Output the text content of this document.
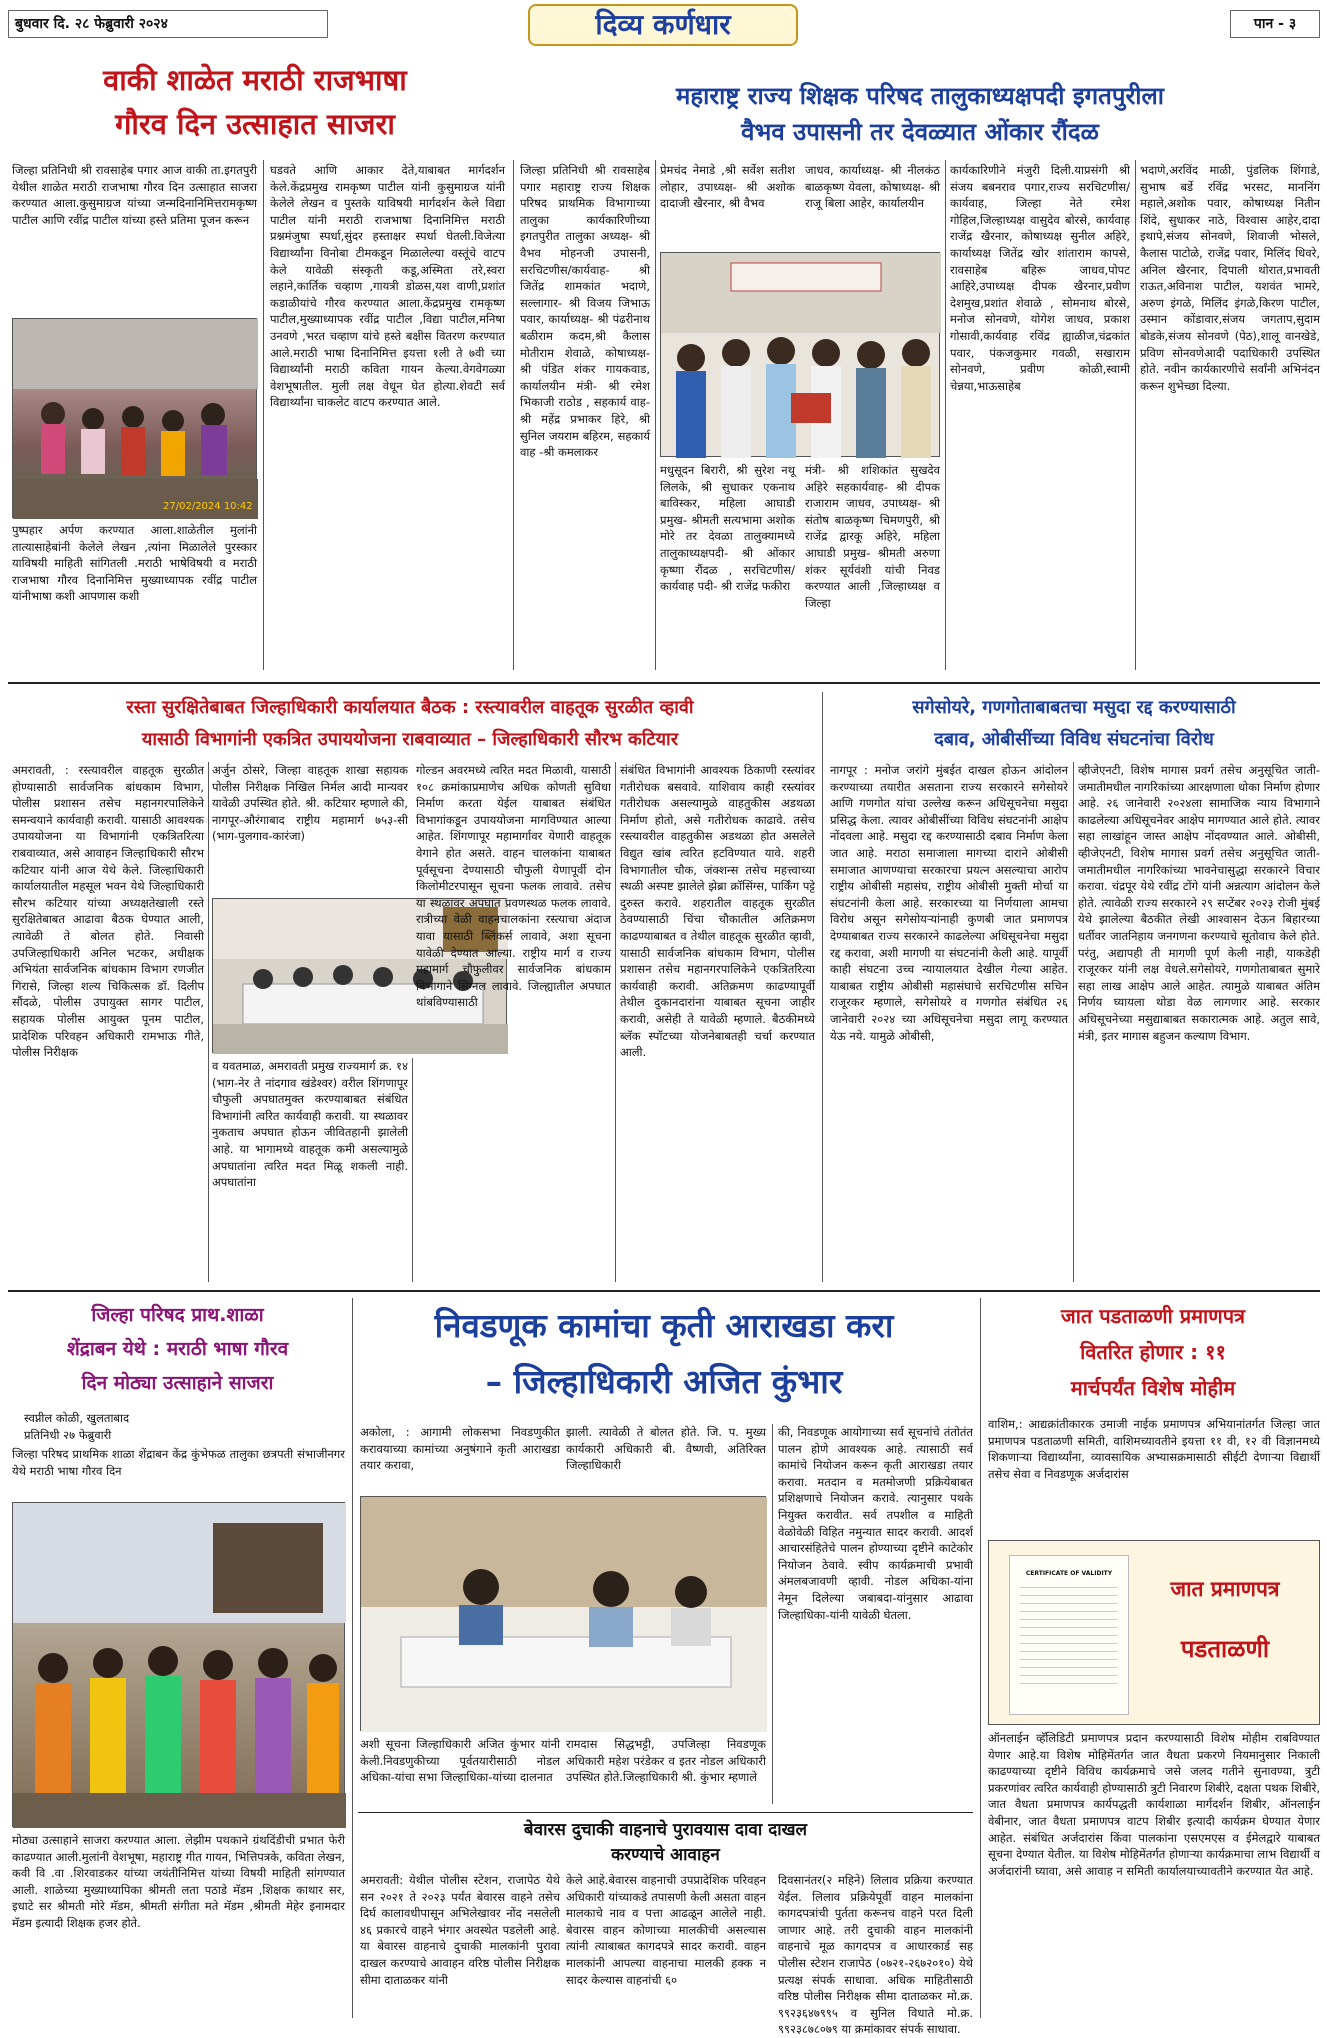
बुधवार दि. २८ फेब्रुवारी २०२४	दिव्य कर्णधार	पान - ३
वाकी शाळेत मराठी राजभाषा
गौरव दिन उत्साहात साजरा
जिल्हा प्रतिनिधी श्री रावसाहेब पगार आज वाकी ता.इगतपुरी येथील शाळेत मराठी राजभाषा गौरव दिन उत्साहात साजरा करण्यात आला.कुसुमाग्रज यांच्या जन्मदिनानिमित्तरामकृष्ण पाटील आणि रवींद्र पाटील यांच्या हस्ते प्रतिमा पूजन करून
27/02/2024 10:42
पुष्पहार अर्पण करण्यात आला.शाळेतील मुलांनी तात्यासाहेबांनी केलेले लेखन ,त्यांना मिळालेले पुरस्कार याविषयी माहिती सांगितली .मराठी भाषेविषयी व मराठी राजभाषा गौरव दिनानिमित्त मुख्याध्यापक रवींद्र पाटील यांनीभाषा कशी आपणास कशी
घडवते आणि आकार देते,याबाबत मार्गदर्शन केले.केंद्रप्रमुख रामकृष्ण पाटील यांनी कुसुमाग्रज यांनी केलेले लेखन व पुस्तके याविषयी मार्गदर्शन केले विद्या पाटील यांनी मराठी राजभाषा दिनानिमित्त मराठी प्रश्नमंजुषा स्पर्धा,सुंदर हस्ताक्षर स्पर्धा घेतली.विजेत्या विद्यार्थ्यांना विनोबा टीमकडून मिळालेल्या वस्तूंचे वाटप केले यावेळी संस्कृती कडू,अस्मिता तरे,स्वरा लहाने,कार्तिक चव्हाण ,गायत्री डोळस,यश वाणी,प्रशांत कडाळीयांचे गौरव करण्यात आला.केंद्रप्रमुख रामकृष्ण पाटील,मुख्याध्यापक रवींद्र पाटील ,विद्या पाटील,मनिषा उनवणे ,भरत चव्हाण यांचे हस्ते बक्षीस वितरण करण्यात आले.मराठी भाषा दिनानिमित्त इयत्ता १ली ते ७वी च्या विद्यार्थ्यांनी मराठी कविता गायन केल्या.वेगवेगळ्या वेशभूषातील. मुली लक्ष वेधून घेत होत्या.शेवटी सर्व विद्यार्थ्यांना चाकलेट वाटप करण्यात आले.
महाराष्ट्र राज्य शिक्षक परिषद तालुकाध्यक्षपदी इगतपुरीला
वैभव उपासनी तर देवळ्यात ओंकार रौंदळ
जिल्हा प्रतिनिधी श्री रावसाहेब पगार महाराष्ट्र राज्य शिक्षक परिषद प्राथमिक विभागाच्या तालुका कार्यकारिणीच्या इगतपुरीत तालुका अध्यक्ष- श्री वैभव मोहनजी उपासनी, सरचिटणीस/कार्यवाह- श्री जितेंद्र शामकांत भदाणे, सल्लागार- श्री विजय जिभाऊ पवार, कार्याध्यक्ष- श्री पंढरीनाथ बळीराम कदम,श्री कैलास मोतीराम शेवाळे, कोषाध्यक्ष- श्री पंडित शंकर गायकवाड, कार्यालयीन मंत्री- श्री रमेश भिकाजी राठोड , सहकार्य वाह- श्री महेंद्र प्रभाकर हिरे, श्री सुनिल जयराम बहिरम, सहकार्य वाह -श्री कमलाकर
प्रेमचंद नेमाडे ,श्री सर्वेश सतीश लोहार, उपाध्यक्ष- श्री अशोक दादाजी खैरनार, श्री वैभव
जाधव, कार्याध्यक्ष- श्री नीलकंठ बाळकृष्ण येवला, कोषाध्यक्ष- श्री राजू बिला आहेर, कार्यालयीन
मधुसूदन बिरारी, श्री सुरेश नथू लिलके, श्री सुधाकर एकनाथ बाविस्कर, महिला आघाडी प्रमुख- श्रीमती सत्यभामा अशोक मोरे तर देवळा तालुक्यामध्ये तालुकाध्यक्षपदी- श्री ओंकार कृष्णा रौंदळ , सरचिटणीस/कार्यवाह पदी- श्री राजेंद्र फकीरा
मंत्री- श्री शशिकांत सुखदेव अहिरे सहकार्यवाह- श्री दीपक राजाराम जाधव, उपाध्यक्ष- श्री संतोष बाळकृष्ण चिमणपुरी, श्री राजेंद्र द्वारकू अहिरे, महिला आघाडी प्रमुख- श्रीमती अरुणा शंकर सूर्यवंशी यांची निवड करण्यात आली ,जिल्हाध्यक्ष व जिल्हा
कार्यकारिणीने मंजुरी दिली.याप्रसंगी श्री संजय बबनराव पगार,राज्य सरचिटणीस/कार्यवाह, जिल्हा नेते रमेश गोहिल,जिल्हाध्यक्ष वासुदेव बोरसे, कार्यवाह राजेंद्र खैरनार, कोषाध्यक्ष सुनील अहिरे, कार्याध्यक्ष जितेंद्र खोर शांताराम कापसे, रावसाहेब बहिरू जाधव,पोपट आहिरे,उपाध्यक्ष दीपक खैरनार,प्रवीण देशमुख,प्रशांत शेवाळे , सोमनाथ बोरसे, मनोज सोनवणे, योगेश जाधव, प्रकाश गोसावी,कार्यवाह रविंद्र ह्याळीज,चंद्रकांत पवार, पंकजकुमार गवळी, सखाराम सोनवणे, प्रवीण कोळी,स्वामी चेन्नया,भाऊसाहेब
भदाणे,अरविंद माळी, पुंडलिक शिंगाडे, सुभाष बर्डे रविंद्र भरसट, माननिंग महाले,अशोक पवार, कोषाध्यक्ष नितीन शिंदे, सुधाकर नाठे, विश्वास आहेर,दादा इथापे,संजय सोनवणे, शिवाजी भोसले, कैलास पाटोळे, राजेंद्र पवार, मिलिंद धिवरे, अनिल खैरनार, दिपाली थोरात,प्रभावती राऊत,अविनाश पाटील, यशवंत भामरे, अरुण इंगळे, मिलिंद इंगळे,किरण पाटील, उस्मान कोंडावार,संजय जगताप,सुदाम बोडके,संजय सोनवणे (पेठ),शालू वानखेडे, प्रविण सोनवणेआदी पदाधिकारी उपस्थित होते. नवीन कार्यकारणीचे सर्वांनी अभिनंदन करून शुभेच्छा दिल्या.
रस्ता सुरक्षितेबाबत जिल्हाधिकारी कार्यालयात बैठक : रस्त्यावरील वाहतूक सुरळीत व्हावी
यासाठी विभागांनी एकत्रित उपाययोजना राबवाव्यात – जिल्हाधिकारी सौरभ कटियार
अमरावती, : रस्त्यावरील वाहतूक सुरळीत होण्यासाठी सार्वजनिक बांधकाम विभाग, पोलीस प्रशासन तसेच महानगरपालिकेने समन्वयाने कार्यवाही करावी. यासाठी आवश्यक उपाययोजना या विभागांनी एकत्रितरित्या राबवाव्यात, असे आवाहन जिल्हाधिकारी सौरभ कटियार यांनी आज येथे केले. जिल्हाधिकारी कार्यालयातील महसूल भवन येथे जिल्हाधिकारी सौरभ कटियार यांच्या अध्यक्षतेखाली रस्ते सुरक्षितेबाबत आढावा बैठक घेण्यात आली, त्यावेळी ते बोलत होते. निवासी उपजिल्हाधिकारी अनिल भटकर, अधीक्षक अभियंता सार्वजनिक बांधकाम विभाग रणजीत गिरासे, जिल्हा शल्य चिकित्सक डॉ. दिलीप सौंदळे, पोलीस उपायुक्त सागर पाटील, सहायक पोलीस आयुक्त पूनम पाटील, प्रादेशिक परिवहन अधिकारी रामभाऊ गीते, पोलीस निरीक्षक
अर्जुन ठोसरे, जिल्हा वाहतूक शाखा सहायक पोलीस निरीक्षक निखिल निर्मल आदी मान्यवर यावेळी उपस्थित होते. श्री. कटियार म्हणाले की, नागपूर-औरंगाबाद राष्ट्रीय महामार्ग ७५३-सी (भाग-पुलगाव-कारंजा)
व यवतमाळ, अमरावती प्रमुख राज्यमार्ग क्र. १४ (भाग-नेर ते नांदगाव खंडेश्वर) वरील शिंगणापूर चौफुली अपघातमुक्त करण्याबाबत संबंधित विभागांनी त्वरित कार्यवाही करावी. या स्थळावर नुकताच अपघात होऊन जीवितहानी झालेली आहे. या भागामध्ये वाहतूक कमी असल्यामुळे अपघातांना त्वरित मदत मिळू शकली नाही. अपघातांना
गोल्डन अवरमध्ये त्वरित मदत मिळावी, यासाठी १०८ क्रमांकाप्रमाणेच अधिक कोणती सुविधा निर्माण करता येईल याबाबत संबंधित विभागांकडून उपाययोजना मागविण्यात आल्या आहेत. शिंगणापूर महामार्गावर येणारी वाहतूक वेगाने होत असते. वाहन चालकांना याबाबत पूर्वसूचना देण्यासाठी चौफुली येणापूर्वी दोन किलोमीटरपासून सूचना फलक लावावे. तसेच या स्थळावर अपघात प्रवणस्थळ फलक लावावे. रात्रीच्या वेळी वाहनचालकांना रस्त्याचा अंदाज यावा यासाठी ब्लिंकर्स लावावे, अशा सूचना यावेळी देण्यात आल्या. राष्ट्रीय मार्ग व राज्य महामार्ग चौफुलीवर सार्वजनिक बांधकाम विभागाने सिग्नल लावावे. जिल्ह्यातील अपघात थांबविण्यासाठी
संबंधित विभागांनी आवश्यक ठिकाणी रस्त्यांवर गतीरोधक बसवावे. याशिवाय काही रस्त्यांवर गतीरोधक असल्यामुळे वाहतुकीस अडथळा निर्माण होतो, असे गतीरोधक काढावे. तसेच रस्त्यावरील वाहतुकीस अडथळा होत असलेले विद्युत खांब त्वरित हटविण्यात यावे. शहरी विभागातील चौक, जंक्शन्स तसेच महत्त्वाच्या स्थळी अस्पष्ट झालेले झेब्रा क्रॉसिंग्स, पार्किंग पट्टे दुरुस्त करावे. शहरातील वाहतूक सुरळीत ठेवण्यासाठी चिंचा चौकातील अतिक्रमण काढण्याबाबत व तेथील वाहतूक सुरळीत व्हावी, यासाठी सार्वजनिक बांधकाम विभाग, पोलीस प्रशासन तसेच महानगरपालिकेने एकत्रितरित्या कार्यवाही करावी. अतिक्रमण काढण्यापूर्वी तेथील दुकानदारांना याबाबत सूचना जाहीर करावी, असेही ते यावेळी म्हणाले. बैठकीमध्ये ब्लॅक स्पॉटच्या योजनेबाबतही चर्चा करण्यात आली.
सगेसोयरे, गणगोताबाबतचा मसुदा रद्द करण्यासाठी
दबाव, ओबीसींच्या विविध संघटनांचा विरोध
नागपूर : मनोज जरांगे मुंबईत दाखल होऊन आंदोलन करण्याच्या तयारीत असताना राज्य सरकारने सगेसोयरे आणि गणगोत यांचा उल्लेख करून अधिसूचनेचा मसुदा प्रसिद्ध केला. त्यावर ओबीसींच्या विविध संघटनांनी आक्षेप नोंदवला आहे. मसुदा रद्द करण्यासाठी दबाव निर्माण केला जात आहे. मराठा समाजाला मागच्या दाराने ओबीसी समाजात आणण्याचा सरकारचा प्रयत्न असल्याचा आरोप राष्ट्रीय ओबीसी महासंघ, राष्ट्रीय ओबीसी मुक्ती मोर्चा या संघटनांनी केला आहे. सरकारच्या या निर्णयाला आमचा विरोध असून सगेसोयऱ्यांनाही कुणबी जात प्रमाणपत्र देण्याबाबत राज्य सरकारने काढलेल्या अधिसूचनेचा मसुदा रद्द करावा, अशी मागणी या संघटनांनी केली आहे. यापूर्वी काही संघटना उच्च न्यायालयात देखील गेल्या आहेत. याबाबत राष्ट्रीय ओबीसी महासंघाचे सरचिटणीस सचिन राजूरकर म्हणाले, सगेसोयरे व गणगोत संबंधित २६ जानेवारी २०२४ च्या अधिसूचनेचा मसुदा लागू करण्यात येऊ नये. यामुळे ओबीसी,
व्हीजेएनटी, विशेष मागास प्रवर्ग तसेच अनुसूचित जाती-जमातीमधील नागरिकांच्या आरक्षणाला धोका निर्माण होणार आहे. २६ जानेवारी २०२४ला सामाजिक न्याय विभागाने काढलेल्या अधिसूचनेवर आक्षेप मागण्यात आले होते. त्यावर सहा लाखांहून जास्त आक्षेप नोंदवण्यात आले. ओबीसी, व्हीजेएनटी, विशेष मागास प्रवर्ग तसेच अनुसूचित जाती-जमातीमधील नागरिकांच्या भावनेचासुद्धा सरकारने विचार करावा. चंद्रपूर येथे रवींद्र टोंगे यांनी अन्नत्याग आंदोलन केले होते. त्यावेळी राज्य सरकारने २९ सप्टेंबर २०२३ रोजी मुंबई येथे झालेल्या बैठकीत लेखी आश्वासन देऊन बिहारच्या धर्तीवर जातनिहाय जनगणना करण्याचे सूतोवाच केले होते. परंतु, अद्यापही ती मागणी पूर्ण केली नाही, याकडेही राजूरकर यांनी लक्ष वेधले.सगेसोयरे, गणगोताबाबत सुमारे सहा लाख आक्षेप आले आहेत. त्यामुळे याबाबत अंतिम निर्णय घ्यायला थोडा वेळ लागणार आहे. सरकार अधिसूचनेच्या मसुद्याबाबत सकारात्मक आहे. अतुल सावे, मंत्री, इतर मागास बहुजन कल्याण विभाग.
जिल्हा परिषद प्राथ.शाळा
शेंद्राबन येथे : मराठी भाषा गौरव
दिन मोठ्या उत्साहाने साजरा
स्वप्नील कोळी, खुलताबाद
प्रतिनिधी २७ फेब्रुवारी
जिल्हा परिषद प्राथमिक शाळा शेंद्राबन केंद्र कुंभेफळ तालुका छत्रपती संभाजीनगर येथे मराठी भाषा गौरव दिन
मोठ्या उत्साहाने साजरा करण्यात आला. लेझीम पथकाने ग्रंथदिंडीची प्रभात फेरी काढण्यात आली.मुलांनी वेशभूषा, महाराष्ट्र गीत गायन, भित्तिपत्रके, कविता लेखन, कवी वि .वा .शिरवाडकर यांच्या जयंतीनिमित्त यांच्या विषयी माहिती सांगण्यात आली. शाळेच्या मुख्याध्यापिका श्रीमती लता पठाडे मॅडम ,शिक्षक काथार सर, इधाटे सर श्रीमती मोरे मॅडम, श्रीमती संगीता मते मॅडम ,श्रीमती मेहेर इनामदार मॅडम इत्यादी शिक्षक हजर होते.
निवडणूक कामांचा कृती आराखडा करा
– जिल्हाधिकारी अजित कुंभार
अकोला, : आगामी लोकसभा निवडणुकीत करावयाच्या कामांच्या अनुषंगाने कृती आराखडा तयार करावा,
झाली. त्यावेळी ते बोलत होते. जि. प. मुख्य कार्यकारी अधिकारी बी. वैष्णवी, अतिरिक्त जिल्हाधिकारी
अशी सूचना जिल्हाधिकारी अजित कुंभार यांनी केली.निवडणुकीच्या पूर्वतयारीसाठी नोडल अधिका-यांचा सभा जिल्हाधिका-यांच्या दालनात
रामदास सिद्धभट्टी, उपजिल्हा निवडणूक अधिकारी महेश परंडेकर व इतर नोडल अधिकारी उपस्थित होते.जिल्हाधिकारी श्री. कुंभार म्हणाले
की, निवडणूक आयोगाच्या सर्व सूचनांचे तंतोतंत पालन होणे आवश्यक आहे. त्यासाठी सर्व कामांचे नियोजन करून कृती आराखडा तयार करावा. मतदान व मतमोजणी प्रक्रियेबाबत प्रशिक्षणाचे नियोजन करावे. त्यानुसार पथके नियुक्त करावीत. सर्व तपशील व माहिती वेळोवेळी विहित नमुन्यात सादर करावी. आदर्श आचारसंहितेचे पालन होण्याच्या दृष्टीने काटेकोर नियोजन ठेवावे. स्वीप कार्यक्रमाची प्रभावी अंमलबजावणी व्हावी. नोडल अधिका-यांना नेमून दिलेल्या जबाबदा-यांनुसार आढावा जिल्हाधिका-यांनी यावेळी घेतला.
बेवारस दुचाकी वाहनाचे पुरावयास दावा दाखल
करण्याचे आवाहन
अमरावती: येथील पोलीस स्टेशन, राजापेठ येथे सन २०२१ ते २०२३ पर्यंत बेवारस वाहने तसेच दिर्घ कालावधीपासून अभिलेखावर नोंद नसलेली ४६ प्रकारचे वाहने भंगार अवस्थेत पडलेली आहे. या बेवारस वाहनाचे दुचाकी मालकांनी पुरावा दाखल करण्याचे आवाहन वरिष्ठ पोलीस निरीक्षक सीमा दाताळकर यांनी
केले आहे.बेवारस वाहनाची उपप्रादेशिक परिवहन अधिकारी यांच्याकडे तपासणी केली असता वाहन मालकाचे नाव व पत्ता आढळून आलेले नाही. बेवारस वाहन कोणाच्या मालकीची असल्यास त्यांनी त्याबाबत कागदपत्रे सादर करावी. वाहन मालकांनी आपल्या वाहनाचा मालकी हक्क न सादर केल्यास वाहनांची ६०
दिवसानंतर(२ महिने) लिलाव प्रक्रिया करण्यात येईल. लिलाव प्रक्रियेपूर्वी वाहन मालकांना कागदपत्रांची पुर्तता करूनच वाहने परत दिली जाणार आहे. तरी दुचाकी वाहन मालकांनी वाहनाचे मूळ कागदपत्र व आधारकार्ड सह पोलीस स्टेशन राजापेठ (०७२१-२६७२०१०) येथे प्रत्यक्ष संपर्क साधावा. अधिक माहितीसाठी वरिष्ठ पोलीस निरीक्षक सीमा दाताळकर मो.क्र. ९९२३६४७९९५ व सुनिल विधाते मो.क्र. ९९२३८७८०७९ या क्रमांकावर संपर्क साधावा.
जात पडताळणी प्रमाणपत्र
वितरित होणार : ११
मार्चपर्यंत विशेष मोहीम
वाशिम,: आद्यक्रांतीकारक उमाजी नाईक प्रमाणपत्र अभियानांतर्गत जिल्हा जात प्रमाणपत्र पडताळणी समिती, वाशिमच्यावतीने इयत्ता ११ वी, १२ वी विज्ञानमध्ये शिकणाऱ्या विद्यार्थ्यांना, व्यावसायिक अभ्यासक्रमासाठी सीईटी देणाऱ्या विद्यार्थी तसेच सेवा व निवडणूक अर्जदारांस
CERTIFICATE OF VALIDITY
जात प्रमाणपत्र
पडताळणी
ऑनलाईन व्हॅलिडिटी प्रमाणपत्र प्रदान करण्यासाठी विशेष मोहीम राबविण्यात येणार आहे.या विशेष मोहिमेंतर्गत जात वैधता प्रकरणे नियमानुसार निकाली काढण्याच्या दृष्टीने विविध कार्यक्रमाचे जसे जलद गतीने सुनावण्या, त्रुटी प्रकरणांवर त्वरित कार्यवाही होण्यासाठी त्रुटी निवारण शिबीरे, दक्षता पथक शिबीरे, जात वैधता प्रमाणपत्र कार्यपद्धती कार्यशाळा मार्गदर्शन शिबीर, ऑनलाईन वेबीनार, जात वैधता प्रमाणपत्र वाटप शिबीर इत्यादी कार्यक्रम घेण्यात येणार आहेत. संबंधित अर्जदारांस किंवा पालकांना एसएमएस व ईमेलद्वारे याबाबत सूचना देण्यात येतील. या विशेष मोहिमेंतर्गत होणाऱ्या कार्यक्रमाचा लाभ विद्यार्थी व अर्जदारांनी घ्यावा, असे आवाह न समिती कार्यालयाच्यावतीने करण्यात येत आहे.
